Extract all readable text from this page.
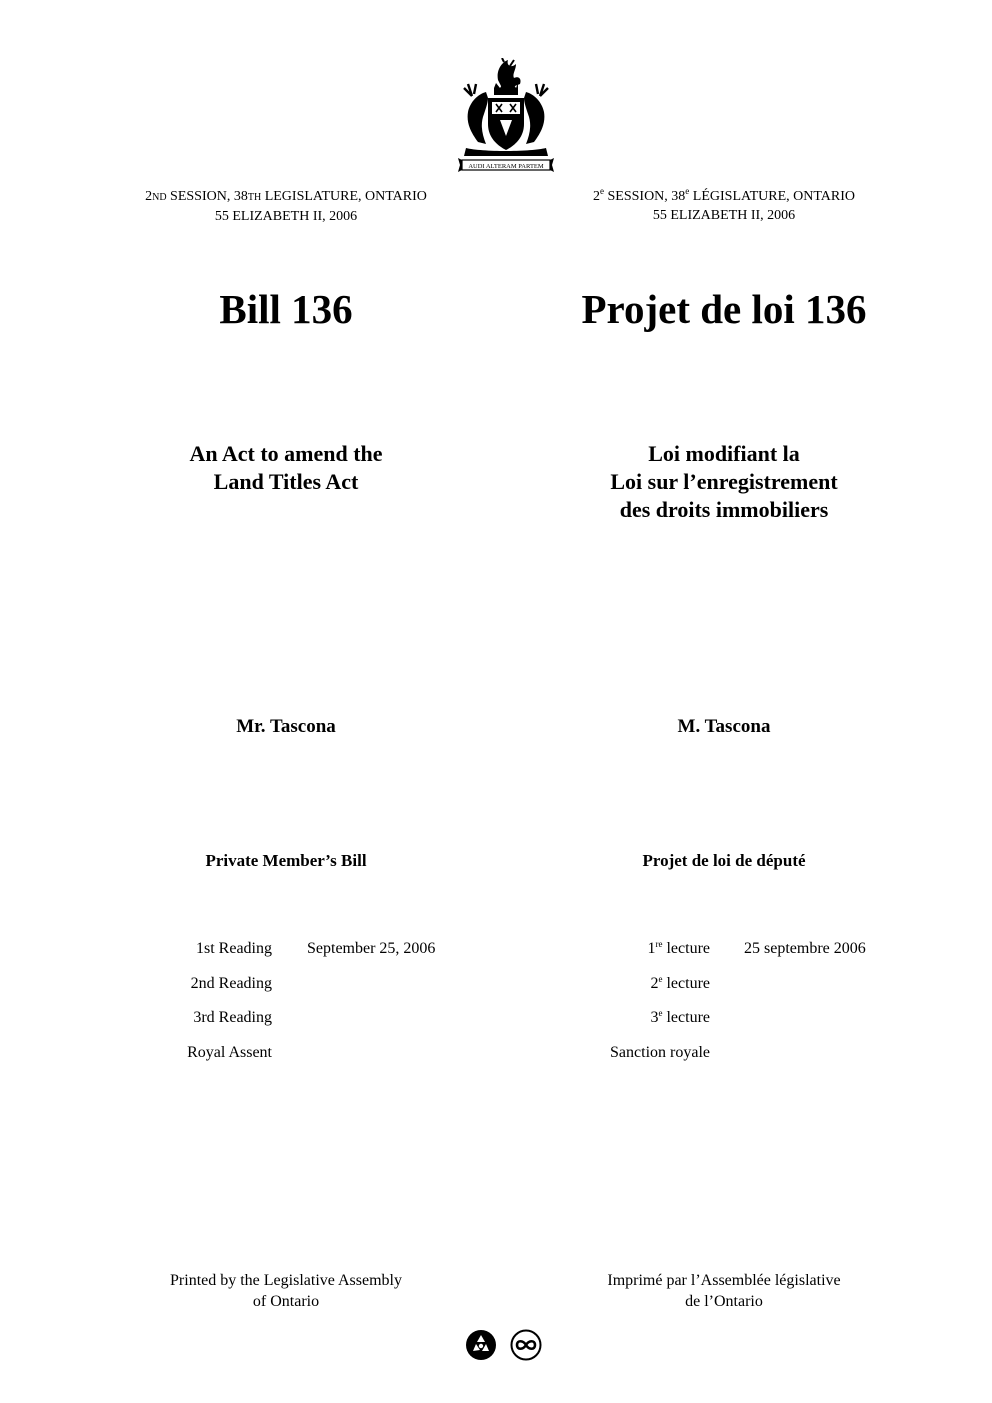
AUDI ALTERAM PARTEM
2ND SESSION, 38TH LEGISLATURE, ONTARIO
55 ELIZABETH II, 2006
2e SESSION, 38e LÉGISLATURE, ONTARIO
55 ELIZABETH II, 2006
Bill 136	Projet de loi 136
An Act to amend the
Land Titles Act
Loi modifiant la
Loi sur l’enregistrement
des droits immobiliers
Mr. Tascona	M. Tascona
Private Member’s Bill	Projet de loi de député
1st Reading September 25, 2006
2nd Reading
3rd Reading
Royal Assent
1re lecture 25 septembre 2006
2e lecture
3e lecture
Sanction royale
Printed by the Legislative Assembly
of Ontario
Imprimé par l’Assemblée législative
de l’Ontario
